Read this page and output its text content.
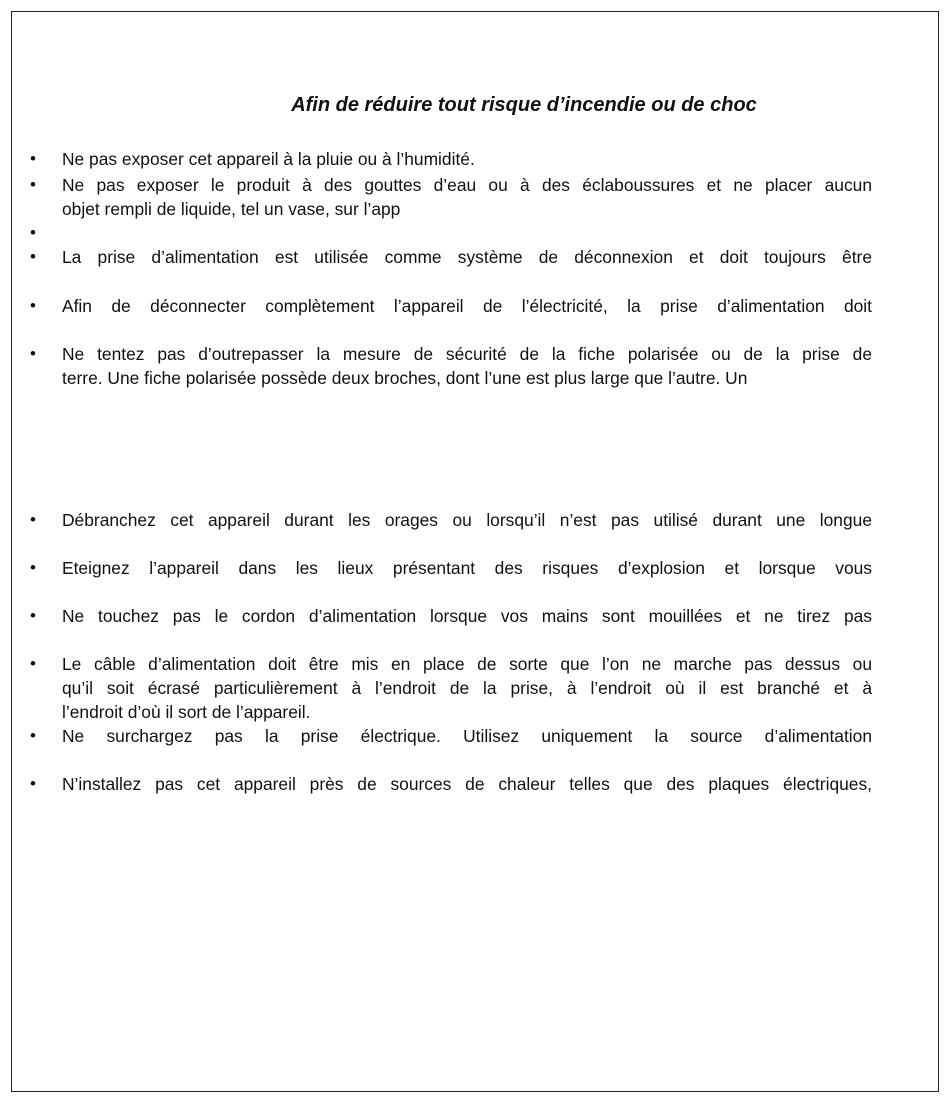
Afin de réduire tout risque d’incendie ou de choc
•	Ne pas exposer cet appareil à la pluie ou à l’humidité.
•	Ne pas exposer le produit à des gouttes d’eau ou à des éclaboussures et ne placer aucun
objet rempli de liquide, tel un vase, sur l’app
•

•	La prise d’alimentation est utilisée comme système de déconnexion et doit toujours être
•	Afin de déconnecter complètement l’appareil de l’électricité, la prise d’alimentation doit
•	Ne tentez pas d’outrepasser la mesure de sécurité de la fiche polarisée ou de la prise de
terre. Une fiche polarisée possède deux broches, dont l’une est plus large que l’autre. Un
•	Débranchez cet appareil durant les orages ou lorsqu’il n’est pas utilisé durant une longue
•	Eteignez l’appareil dans les lieux présentant des risques d’explosion et lorsque vous
•	Ne touchez pas le cordon d’alimentation lorsque vos mains sont mouillées et ne tirez pas
•	Le câble d’alimentation doit être mis en place de sorte que l’on ne marche pas dessus ou
qu’il soit écrasé particulièrement à l’endroit de la prise, à l’endroit où il est branché et à
l’endroit d’où il sort de l’appareil.
•	Ne surchargez pas la prise électrique. Utilisez uniquement la source d’alimentation
•	N’installez pas cet appareil près de sources de chaleur telles que des plaques électriques,
